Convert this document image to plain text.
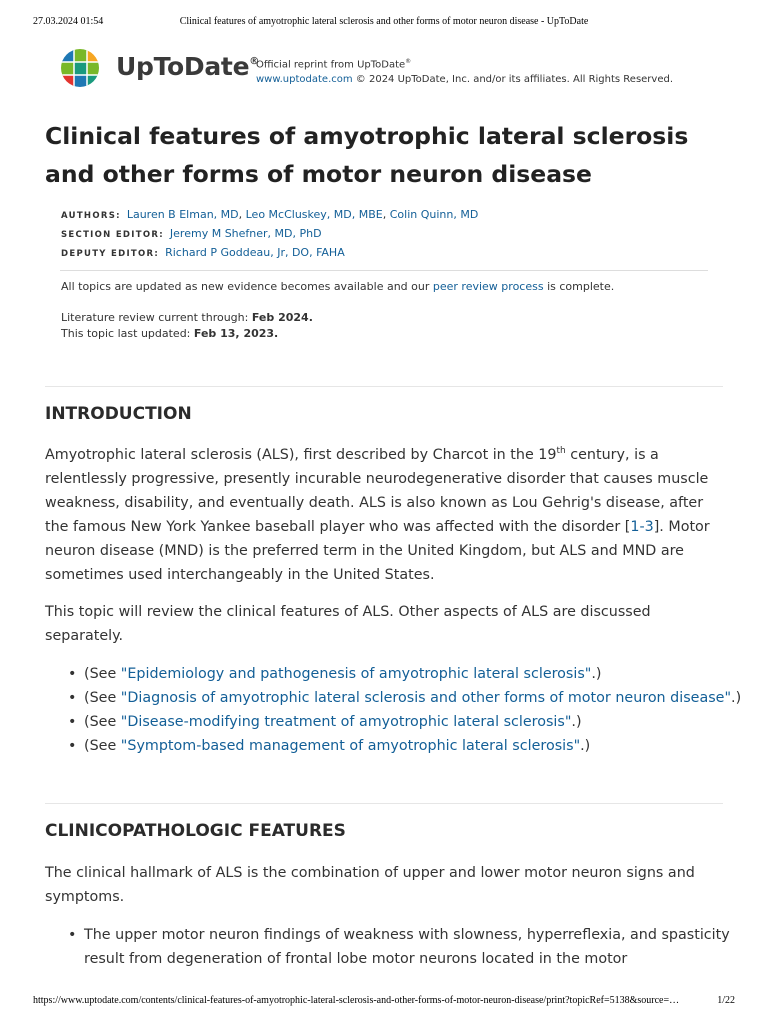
27.03.2024 01:54	Clinical features of amyotrophic lateral sclerosis and other forms of motor neuron disease - UpToDate
UpToDate®
Official reprint from UpToDate®
www.uptodate.com © 2024 UpToDate, Inc. and/or its affiliates. All Rights Reserved.
Clinical features of amyotrophic lateral sclerosis and other forms of motor neuron disease
AUTHORS: Lauren B Elman, MD, Leo McCluskey, MD, MBE, Colin Quinn, MD
SECTION EDITOR: Jeremy M Shefner, MD, PhD
DEPUTY EDITOR: Richard P Goddeau, Jr, DO, FAHA
All topics are updated as new evidence becomes available and our peer review process is complete.
Literature review current through: Feb 2024.
This topic last updated: Feb 13, 2023.
INTRODUCTION

Amyotrophic lateral sclerosis (ALS), first described by Charcot in the 19th century, is a relentlessly progressive, presently incurable neurodegenerative disorder that causes muscle weakness, disability, and eventually death. ALS is also known as Lou Gehrig's disease, after the famous New York Yankee baseball player who was affected with the disorder [1-3]. Motor neuron disease (MND) is the preferred term in the United Kingdom, but ALS and MND are sometimes used interchangeably in the United States.

This topic will review the clinical features of ALS. Other aspects of ALS are discussed separately.

• (See "Epidemiology and pathogenesis of amyotrophic lateral sclerosis".)
• (See "Diagnosis of amyotrophic lateral sclerosis and other forms of motor neuron disease".)
• (See "Disease-modifying treatment of amyotrophic lateral sclerosis".)
• (See "Symptom-based management of amyotrophic lateral sclerosis".)
CLINICOPATHOLOGIC FEATURES

The clinical hallmark of ALS is the combination of upper and lower motor neuron signs and symptoms.

• The upper motor neuron findings of weakness with slowness, hyperreflexia, and spasticity result from degeneration of frontal lobe motor neurons located in the motor
https://www.uptodate.com/contents/clinical-features-of-amyotrophic-lateral-sclerosis-and-other-forms-of-motor-neuron-disease/print?topicRef=5138&source=…	1/22
